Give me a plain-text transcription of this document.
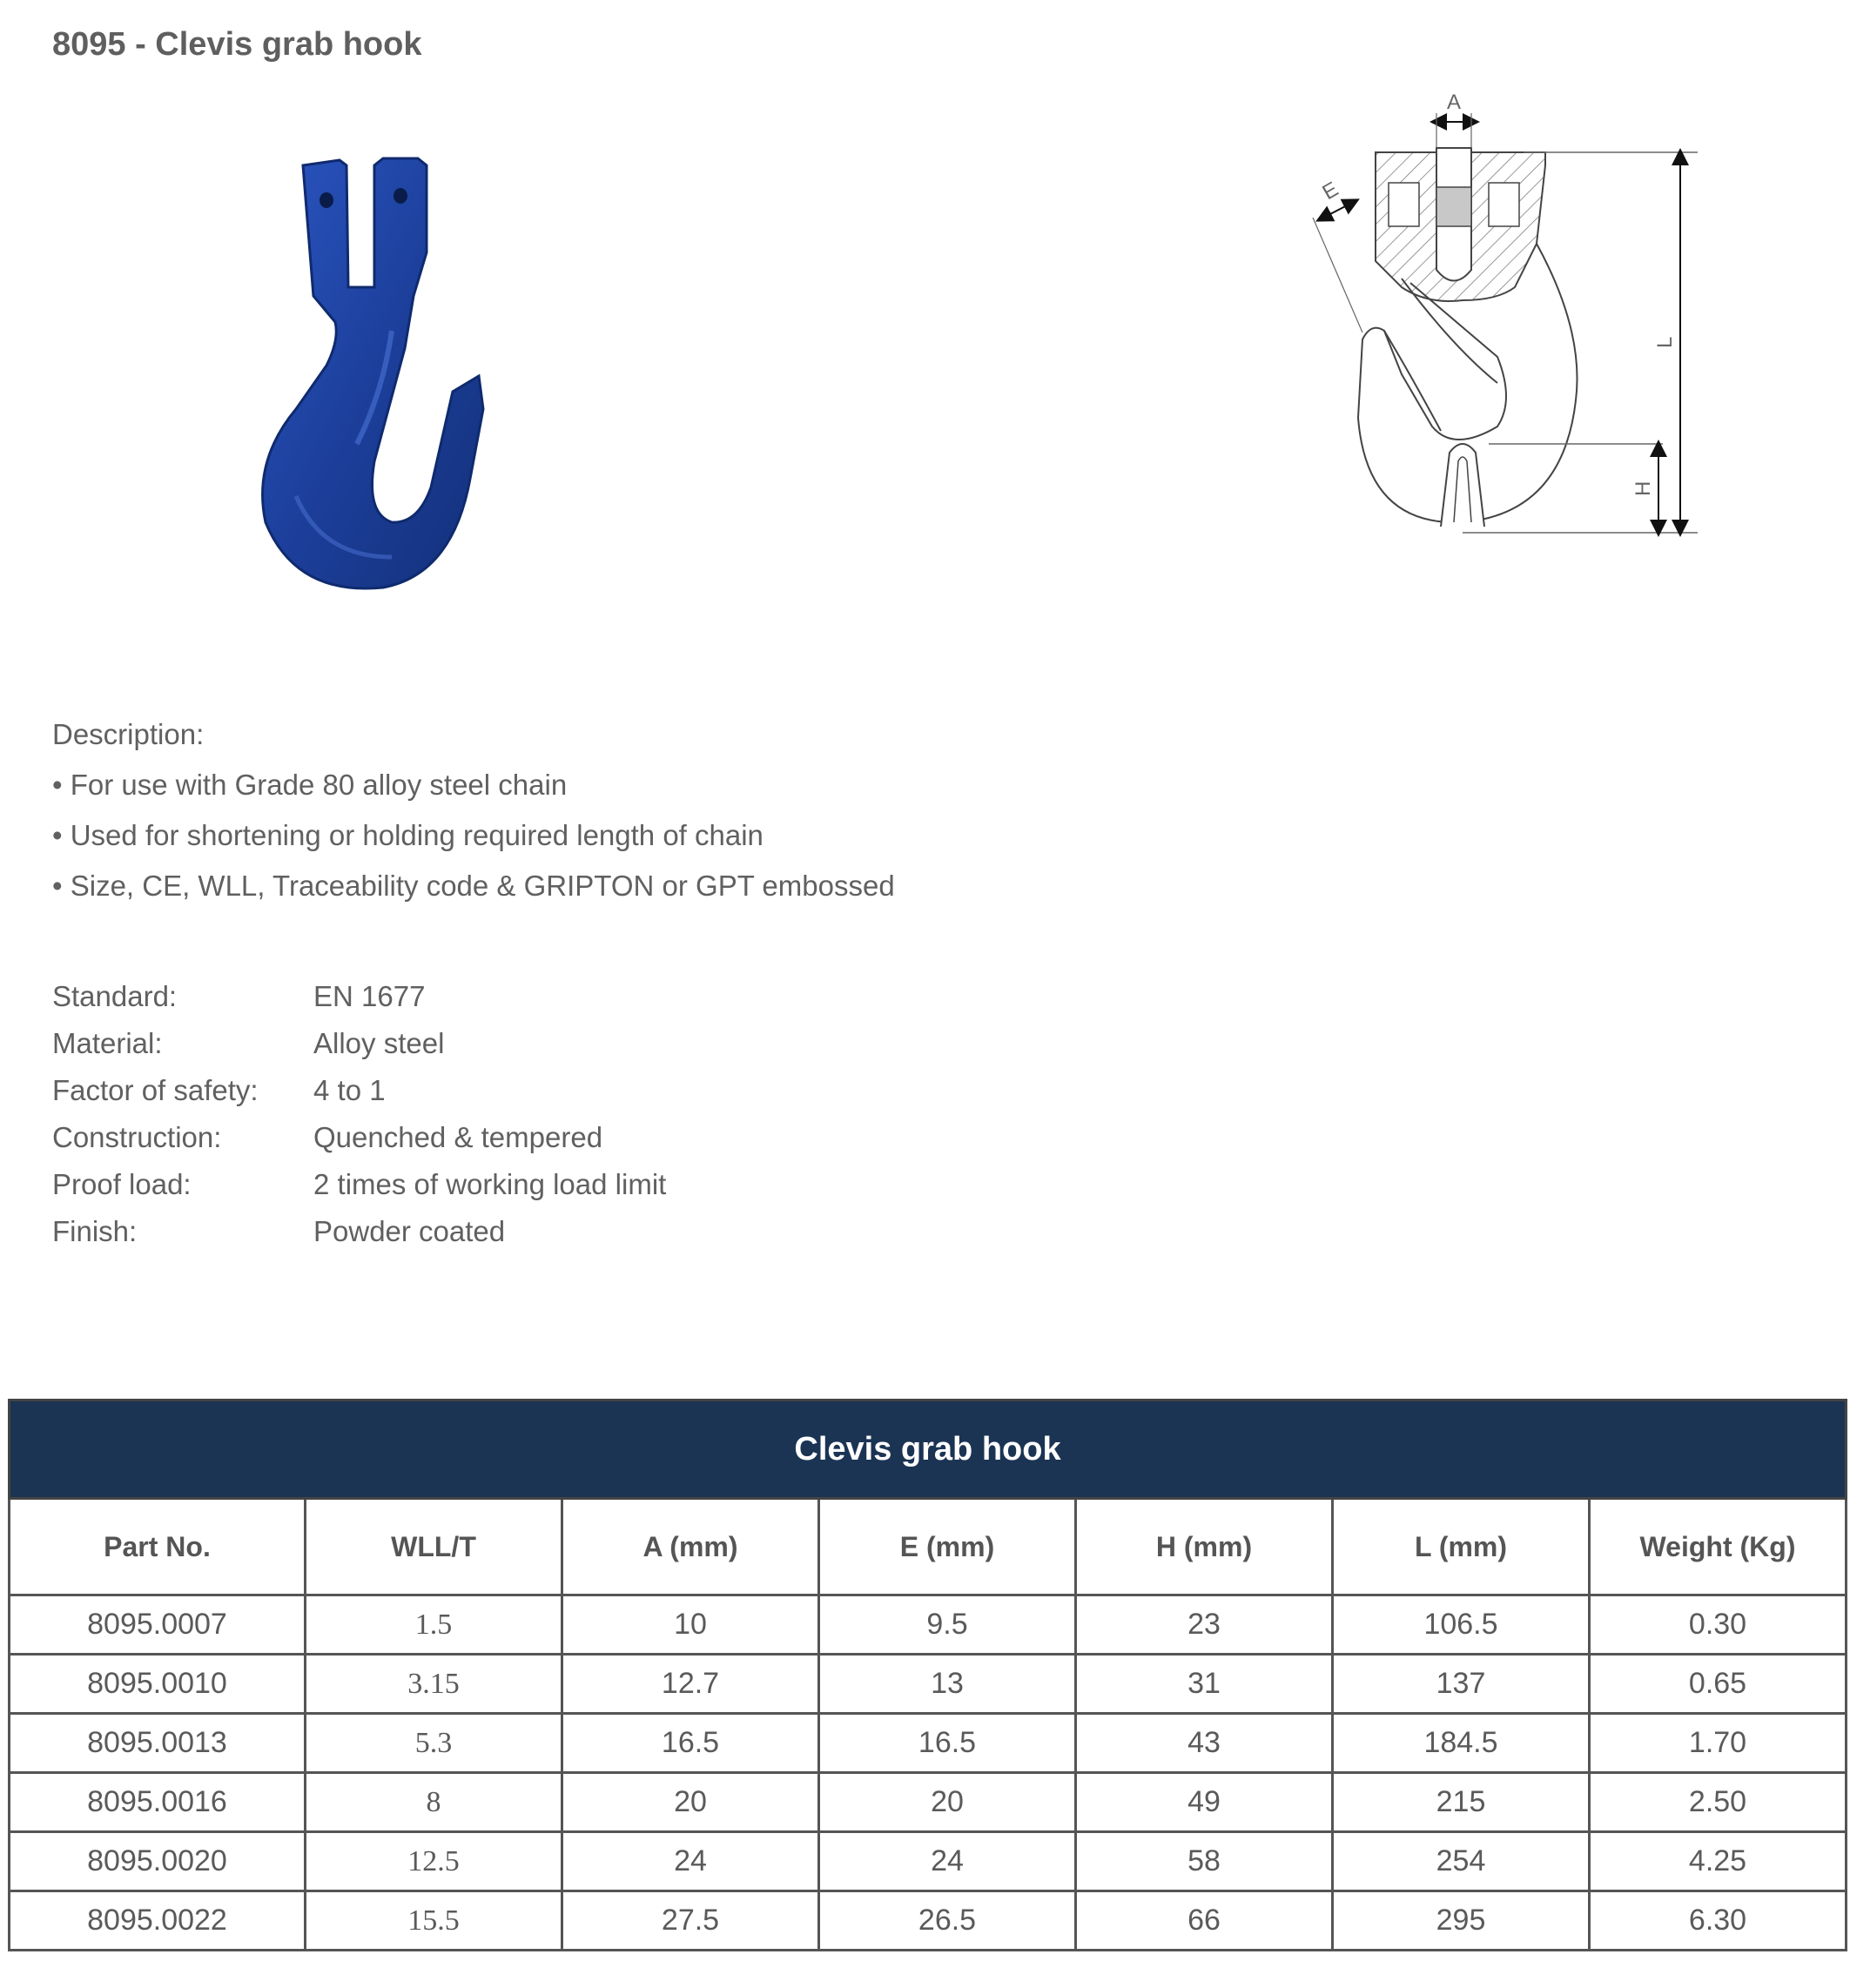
8095 - Clevis grab hook
A
E
L
H
Description:
• For use with Grade 80 alloy steel chain
• Used for shortening or holding required length of chain
• Size, CE, WLL, Traceability code & GRIPTON or GPT embossed
Standard:	EN 1677
Material:	Alloy steel
Factor of safety:	4 to 1
Construction:	Quenched & tempered
Proof load:	2 times of working load limit
Finish:	Powder coated
Clevis grab hook						
Part No.	WLL/T	A (mm)	E (mm)	H (mm)	L (mm)	Weight (Kg)
8095.0007	1.5	10	9.5	23	106.5	0.30
8095.0010	3.15	12.7	13	31	137	0.65
8095.0013	5.3	16.5	16.5	43	184.5	1.70
8095.0016	8	20	20	49	215	2.50
8095.0020	12.5	24	24	58	254	4.25
8095.0022	15.5	27.5	26.5	66	295	6.30
